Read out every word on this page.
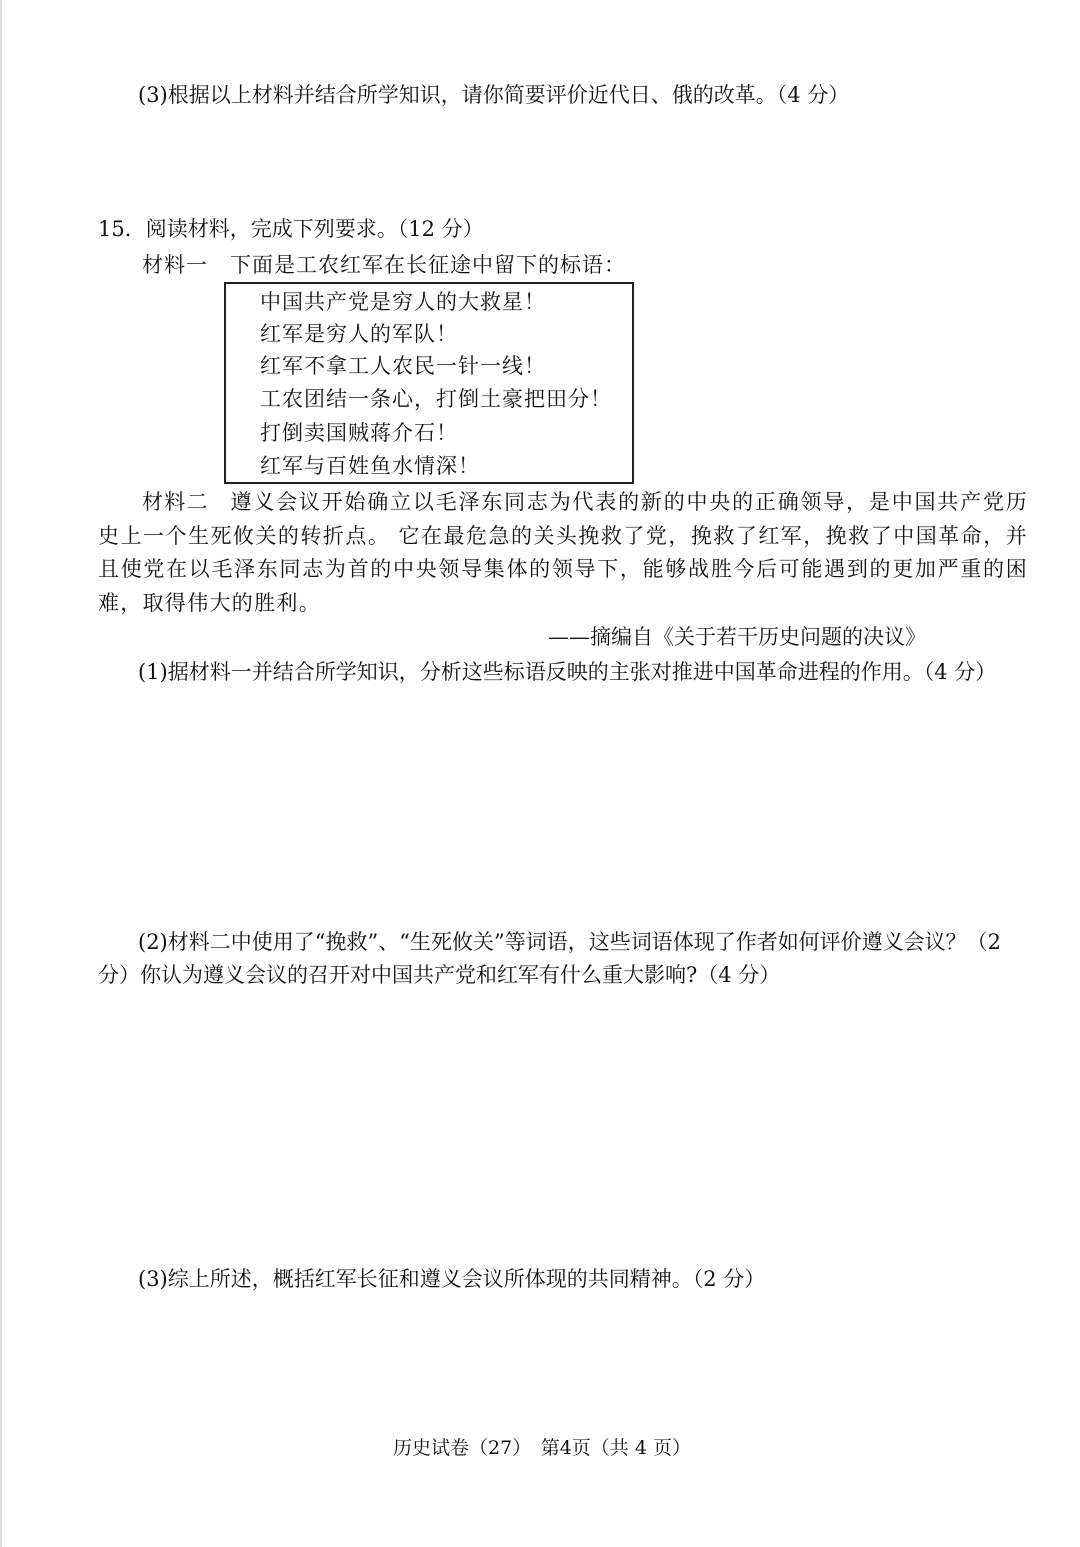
(3)根据以上材料并结合所学知识，请你简要评价近代日、俄的改革。（4 分）
15．阅读材料，完成下列要求。（12 分）
材料一 下面是工农红军在长征途中留下的标语：
中国共产党是穷人的大救星！
红军是穷人的军队！
红军不拿工人农民一针一线！
工农团结一条心，打倒土豪把田分！
打倒卖国贼蒋介石！
红军与百姓鱼水情深！
材料二 遵义会议开始确立以毛泽东同志为代表的新的中央的正确领导，是中国共产党历史上一个生死攸关的转折点。 它在最危急的关头挽救了党，挽救了红军，挽救了中国革命，并且使党在以毛泽东同志为首的中央领导集体的领导下，能够战胜今后可能遇到的更加严重的困难，取得伟大的胜利。
——摘编自《关于若干历史问题的决议》
(1)据材料一并结合所学知识，分析这些标语反映的主张对推进中国革命进程的作用。（4 分）
(2)材料二中使用了“挽救”、“生死攸关”等词语，这些词语体现了作者如何评价遵义会议？（2 分）你认为遵义会议的召开对中国共产党和红军有什么重大影响?（4 分）
(3)综上所述，概括红军长征和遵义会议所体现的共同精神。（2 分）
历史试卷（27）　第4页（共 4 页）
